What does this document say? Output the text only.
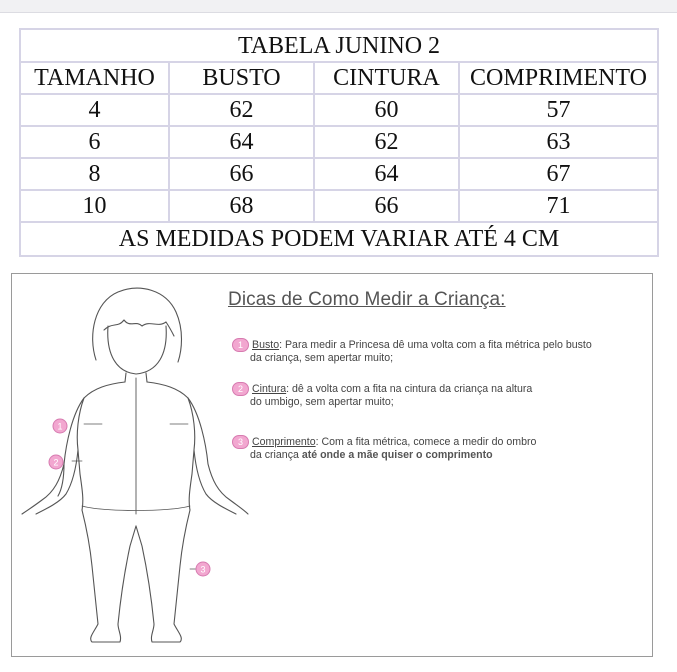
TABELA JUNINO 2			
TAMANHO	BUSTO	CINTURA	COMPRIMENTO
4	62	60	57
6	64	62	63
8	66	64	67
10	68	66	71
AS MEDIDAS PODEM VARIAR ATÉ 4 CM			
1
2
3
Dicas de Como Medir a Criança:
1 Busto: Para medir a Princesa dê uma volta com a fita métrica pelo busto
da criança, sem apertar muito;
2 Cintura: dê a volta com a fita na cintura da criança na altura
do umbigo, sem apertar muito;
3 Comprimento: Com a fita métrica, comece a medir do ombro
da criança até onde a mãe quiser o comprimento
